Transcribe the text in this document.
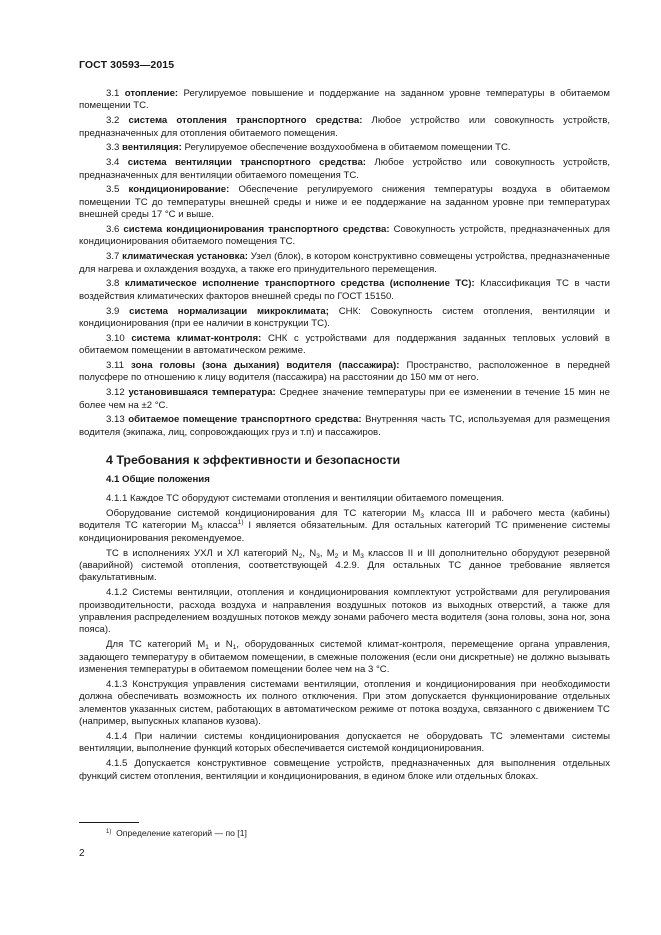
ГОСТ 30593—2015

3.1 отопление: Регулируемое повышение и поддержание на заданном уровне температуры в обитаемом помещении ТС.

3.2 система отопления транспортного средства: Любое устройство или совокупность устройств, предназначенных для отопления обитаемого помещения.

3.3 вентиляция: Регулируемое обеспечение воздухообмена в обитаемом помещении ТС.

3.4 система вентиляции транспортного средства: Любое устройство или совокупность устройств, предназначенных для вентиляции обитаемого помещения ТС.

3.5 кондиционирование: Обеспечение регулируемого снижения температуры воздуха в обитаемом помещении ТС до температуры внешней среды и ниже и ее поддержание на заданном уровне при температурах внешней среды 17 °С и выше.

3.6 система кондиционирования транспортного средства: Совокупность устройств, предназначенных для кондиционирования обитаемого помещения ТС.

3.7 климатическая установка: Узел (блок), в котором конструктивно совмещены устройства, предназначенные для нагрева и охлаждения воздуха, а также его принудительного перемещения.

3.8 климатическое исполнение транспортного средства (исполнение ТС): Классификация ТС в части воздействия климатических факторов внешней среды по ГОСТ 15150.

3.9 система нормализации микроклимата; СНК: Совокупность систем отопления, вентиляции и кондиционирования (при ее наличии в конструкции ТС).

3.10 система климат-контроля: СНК с устройствами для поддержания заданных тепловых условий в обитаемом помещении в автоматическом режиме.

3.11 зона головы (зона дыхания) водителя (пассажира): Пространство, расположенное в передней полусфере по отношению к лицу водителя (пассажира) на расстоянии до 150 мм от него.

3.12 установившаяся температура: Среднее значение температуры при ее изменении в течение 15 мин не более чем на ±2 °С.

3.13 обитаемое помещение транспортного средства: Внутренняя часть ТС, используемая для размещения водителя (экипажа, лиц, сопровождающих груз и т.п) и пассажиров.

4 Требования к эффективности и безопасности
4.1 Общие положения

4.1.1 Каждое ТС оборудуют системами отопления и вентиляции обитаемого помещения.

Оборудование системой кондиционирования для ТС категории $М_3$ класса III и рабочего места (кабины) водителя ТС категории $М_3$ класса$^{1)}$ I является обязательным. Для остальных категорий ТС применение системы кондиционирования рекомендуемое.

ТС в исполнениях УХЛ и ХЛ категорий $N_2$, $N_3$, $M_2$ и $M_3$ классов II и III дополнительно оборудуют резервной (аварийной) системой отопления, соответствующей 4.2.9. Для остальных ТС данное требование является факультативным.

4.1.2 Системы вентиляции, отопления и кондиционирования комплектуют устройствами для регулирования производительности, расхода воздуха и направления воздушных потоков из выходных отверстий, а также для управления распределением воздушных потоков между зонами рабочего места водителя (зона головы, зона ног, зона пояса).

Для ТС категорий $М_1$ и $N_1$, оборудованных системой климат-контроля, перемещение органа управления, задающего температуру в обитаемом помещении, в смежные положения (если они дискретные) не должно вызывать изменения температуры в обитаемом помещении более чем на 3 °С.

4.1.3 Конструкция управления системами вентиляции, отопления и кондиционирования при необходимости должна обеспечивать возможность их полного отключения. При этом допускается функционирование отдельных элементов указанных систем, работающих в автоматическом режиме от потока воздуха, связанного с движением ТС (например, выпускных клапанов кузова).

4.1.4 При наличии системы кондиционирования допускается не оборудовать ТС элементами системы вентиляции, выполнение функций которых обеспечивается системой кондиционирования.

4.1.5 Допускается конструктивное совмещение устройств, предназначенных для выполнения отдельных функций систем отопления, вентиляции и кондиционирования, в едином блоке или отдельных блоках.

$^{1)}$ Определение категорий — по [1]
2
